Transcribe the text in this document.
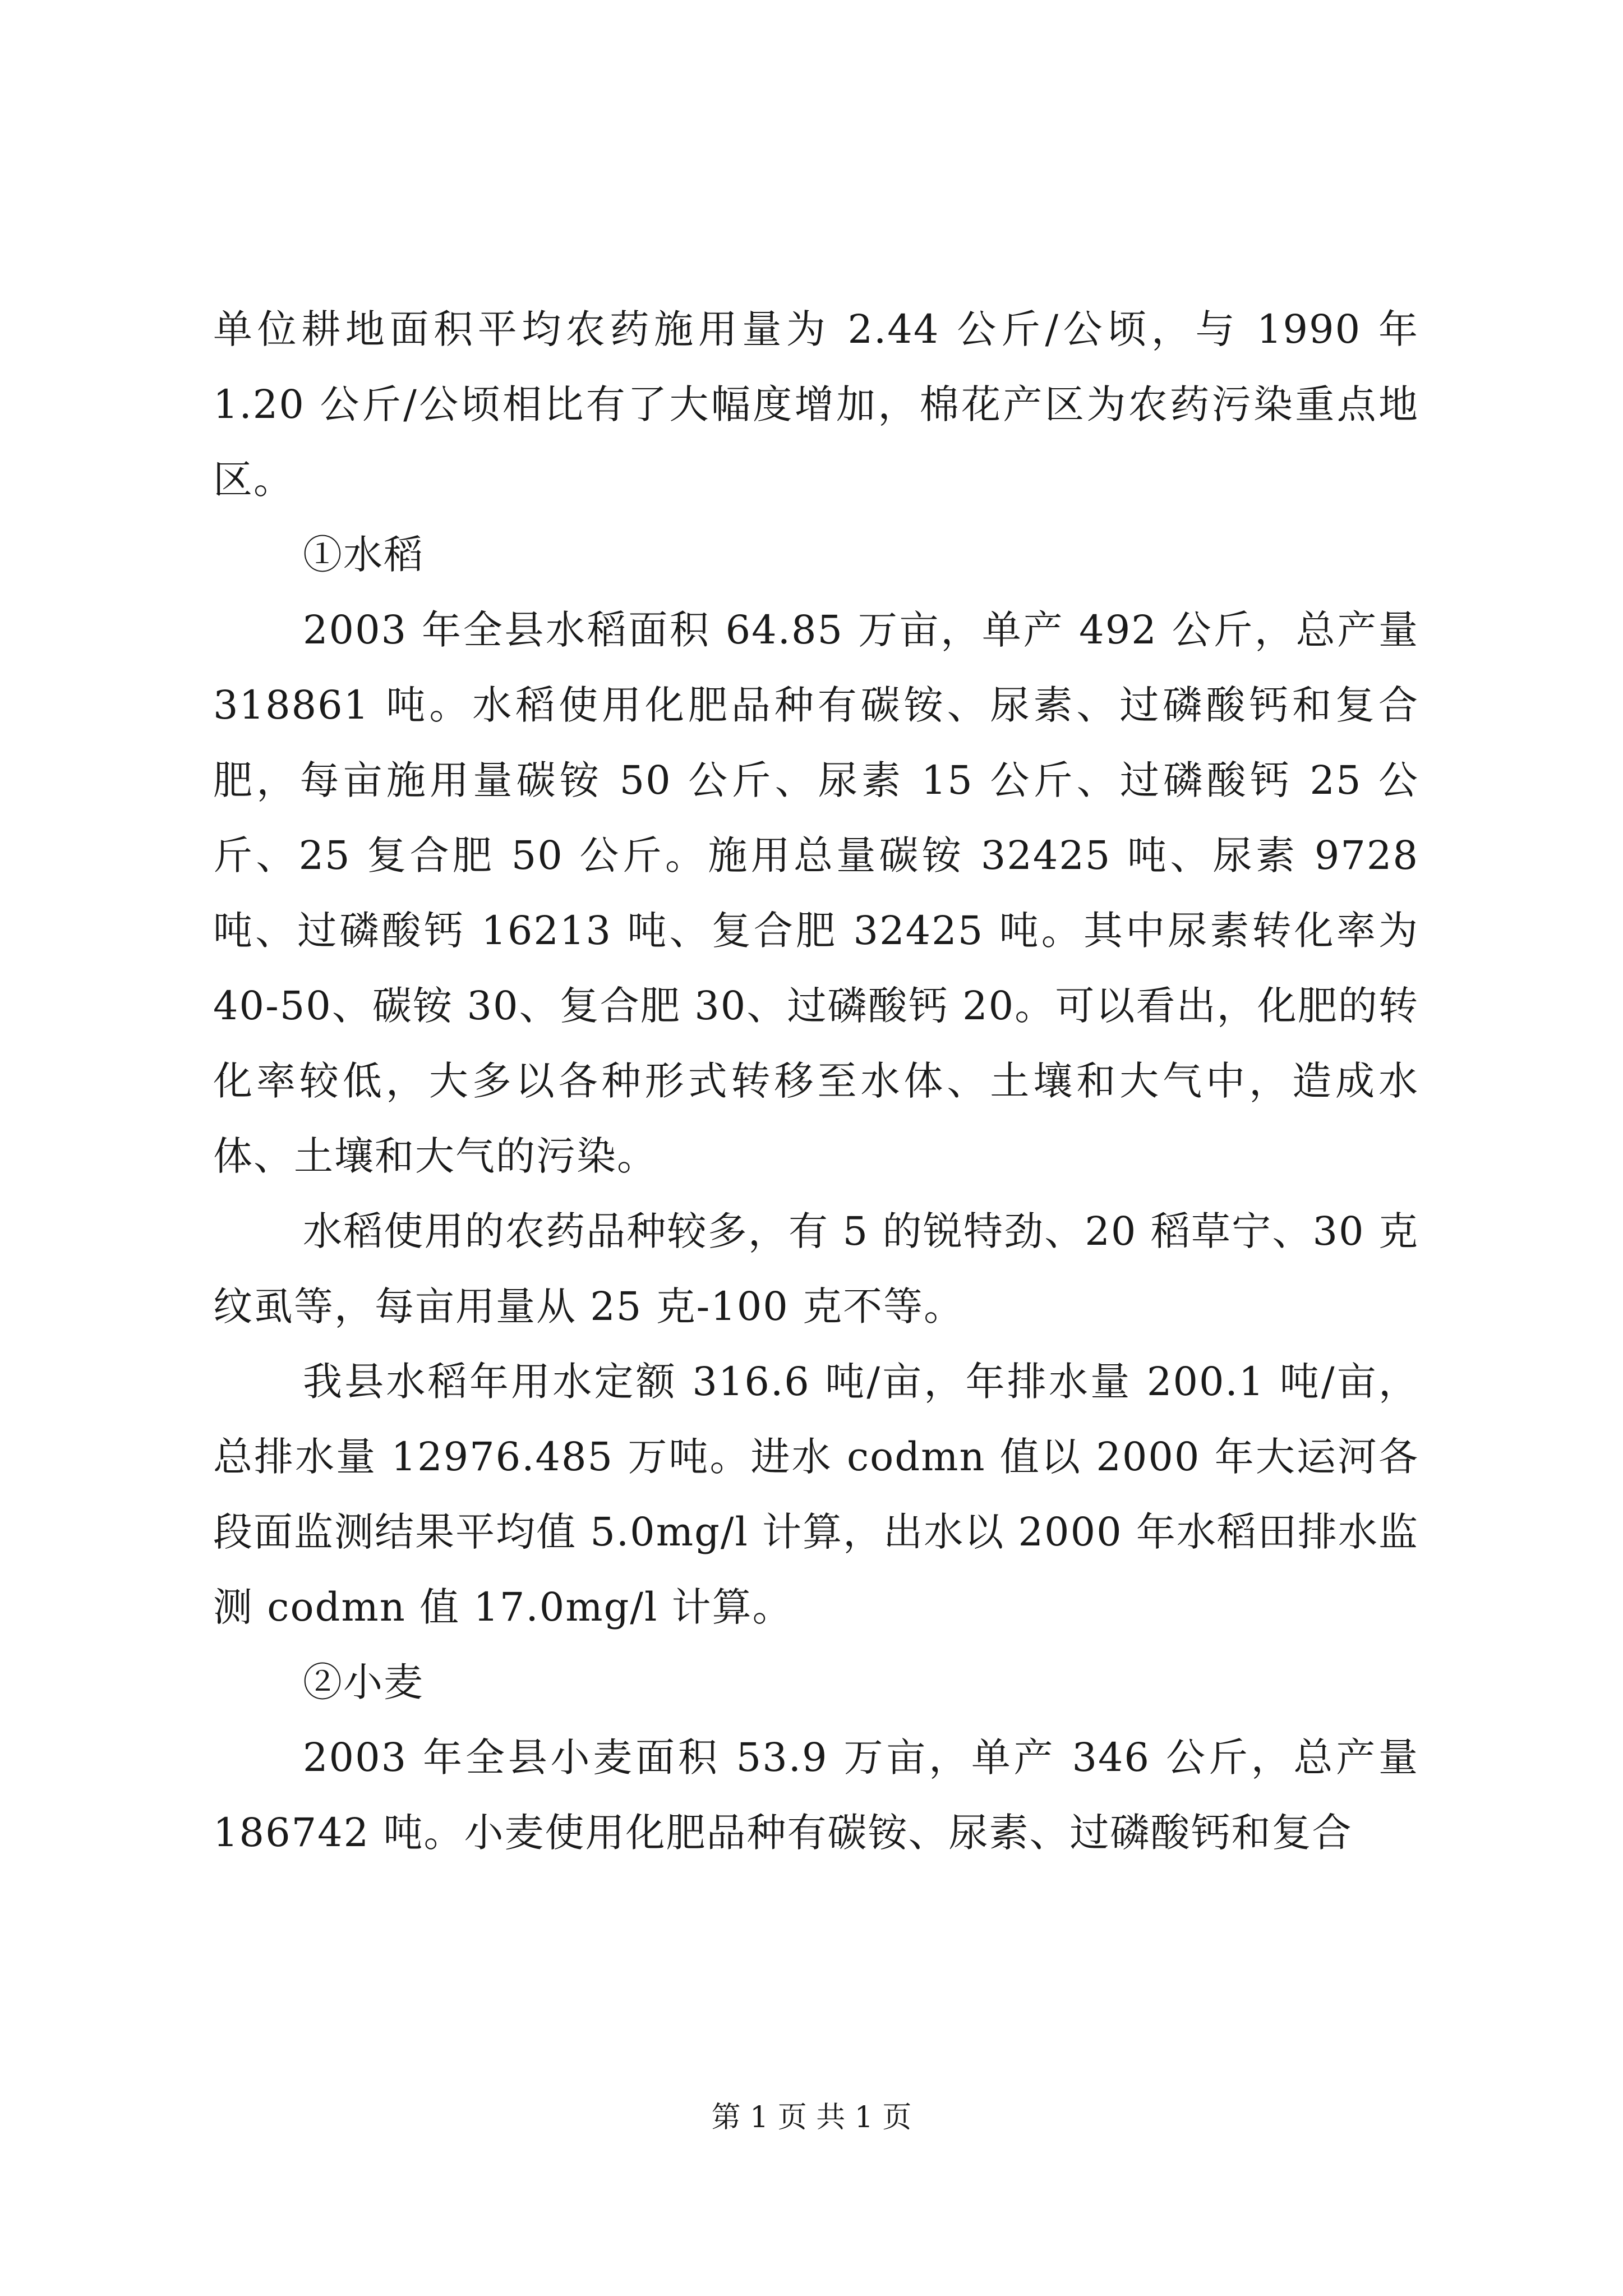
单位耕地面积平均农药施用量为 2.44 公斤/公顷，与 1990 年 1.20 公斤/公顷相比有了大幅度增加，棉花产区为农药污染重点地区。

①水稻

2003 年全县水稻面积 64.85 万亩，单产 492 公斤，总产量 318861 吨。水稻使用化肥品种有碳铵、尿素、过磷酸钙和复合肥，每亩施用量碳铵 50 公斤、尿素 15 公斤、过磷酸钙 25 公斤、25 复合肥 50 公斤。施用总量碳铵 32425 吨、尿素 9728 吨、过磷酸钙 16213 吨、复合肥 32425 吨。其中尿素转化率为 40-50、碳铵 30、复合肥 30、过磷酸钙 20。可以看出，化肥的转化率较低，大多以各种形式转移至水体、土壤和大气中，造成水体、土壤和大气的污染。

水稻使用的农药品种较多，有 5 的锐特劲、20 稻草宁、30 克纹虱等，每亩用量从 25 克-100 克不等。

我县水稻年用水定额 316.6 吨/亩，年排水量 200.1 吨/亩，总排水量 12976.485 万吨。进水 codmn 值以 2000 年大运河各段面监测结果平均值 5.0mg/l 计算，出水以 2000 年水稻田排水监测 codmn 值 17.0mg/l 计算。

②小麦

2003 年全县小麦面积 53.9 万亩，单产 346 公斤，总产量 186742 吨。小麦使用化肥品种有碳铵、尿素、过磷酸钙和复合

第 1 页 共 1 页
